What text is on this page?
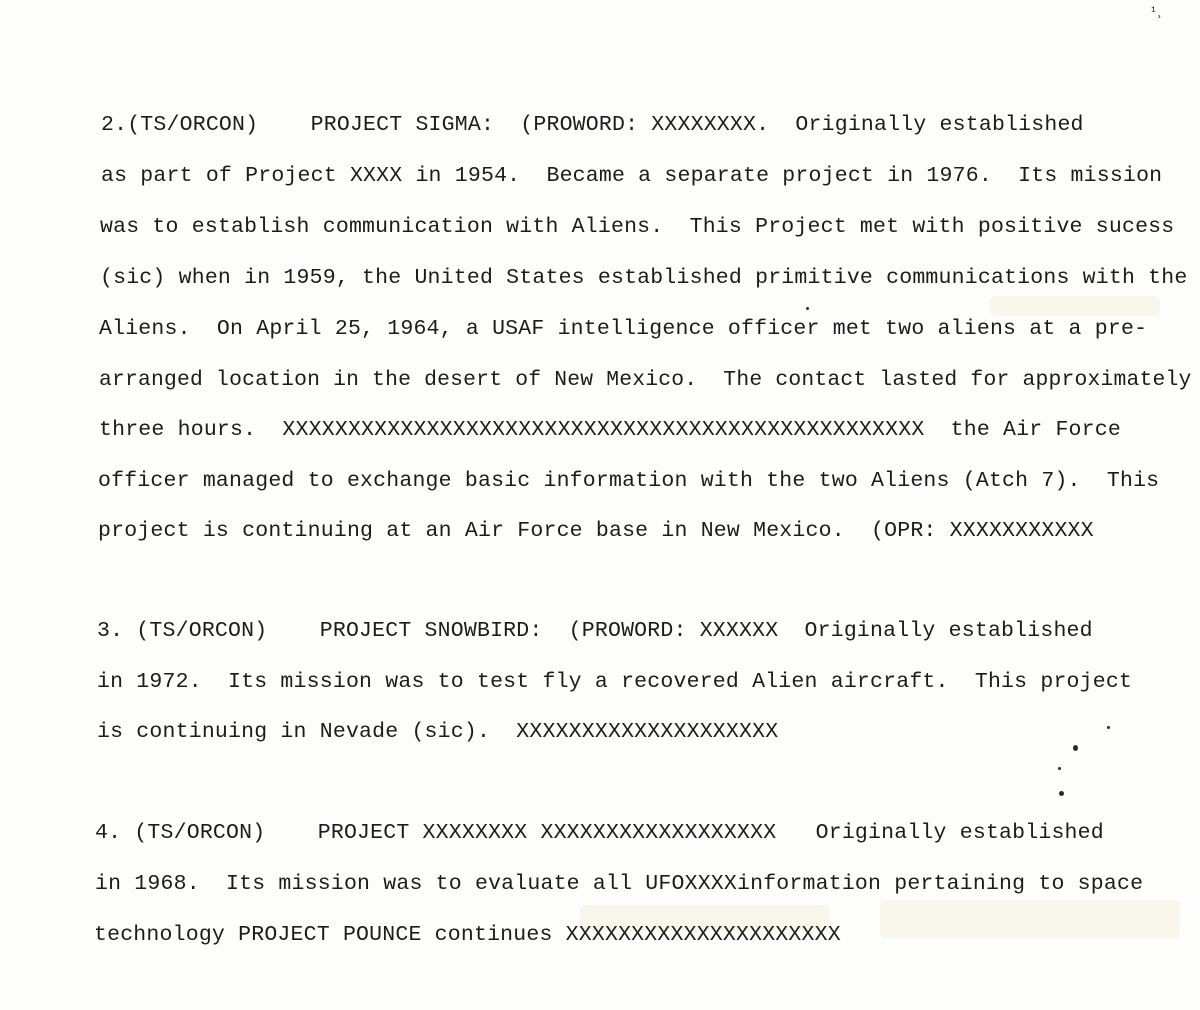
¹¸
2.(TS/ORCON)    PROJECT SIGMA:  (PROWORD: XXXXXXXX.  Originally established
as part of Project XXXX in 1954.  Became a separate project in 1976.  Its mission
was to establish communication with Aliens.  This Project met with positive sucess
(sic) when in 1959, the United States established primitive communications with the
Aliens.  On April 25, 1964, a USAF intelligence officer met two aliens at a pre-
arranged location in the desert of New Mexico.  The contact lasted for approximately
three hours.  XXXXXXXXXXXXXXXXXXXXXXXXXXXXXXXXXXXXXXXXXXXXXXXXX  the Air Force
officer managed to exchange basic information with the two Aliens (Atch 7).  This
project is continuing at an Air Force base in New Mexico.  (OPR: XXXXXXXXXXX
3. (TS/ORCON)    PROJECT SNOWBIRD:  (PROWORD: XXXXXX  Originally established
in 1972.  Its mission was to test fly a recovered Alien aircraft.  This project
is continuing in Nevade (sic).  XXXXXXXXXXXXXXXXXXXX
4. (TS/ORCON)    PROJECT XXXXXXXX XXXXXXXXXXXXXXXXXX   Originally established
in 1968.  Its mission was to evaluate all UFOXXXXinformation pertaining to space
technology PROJECT POUNCE continues XXXXXXXXXXXXXXXXXXXXX
